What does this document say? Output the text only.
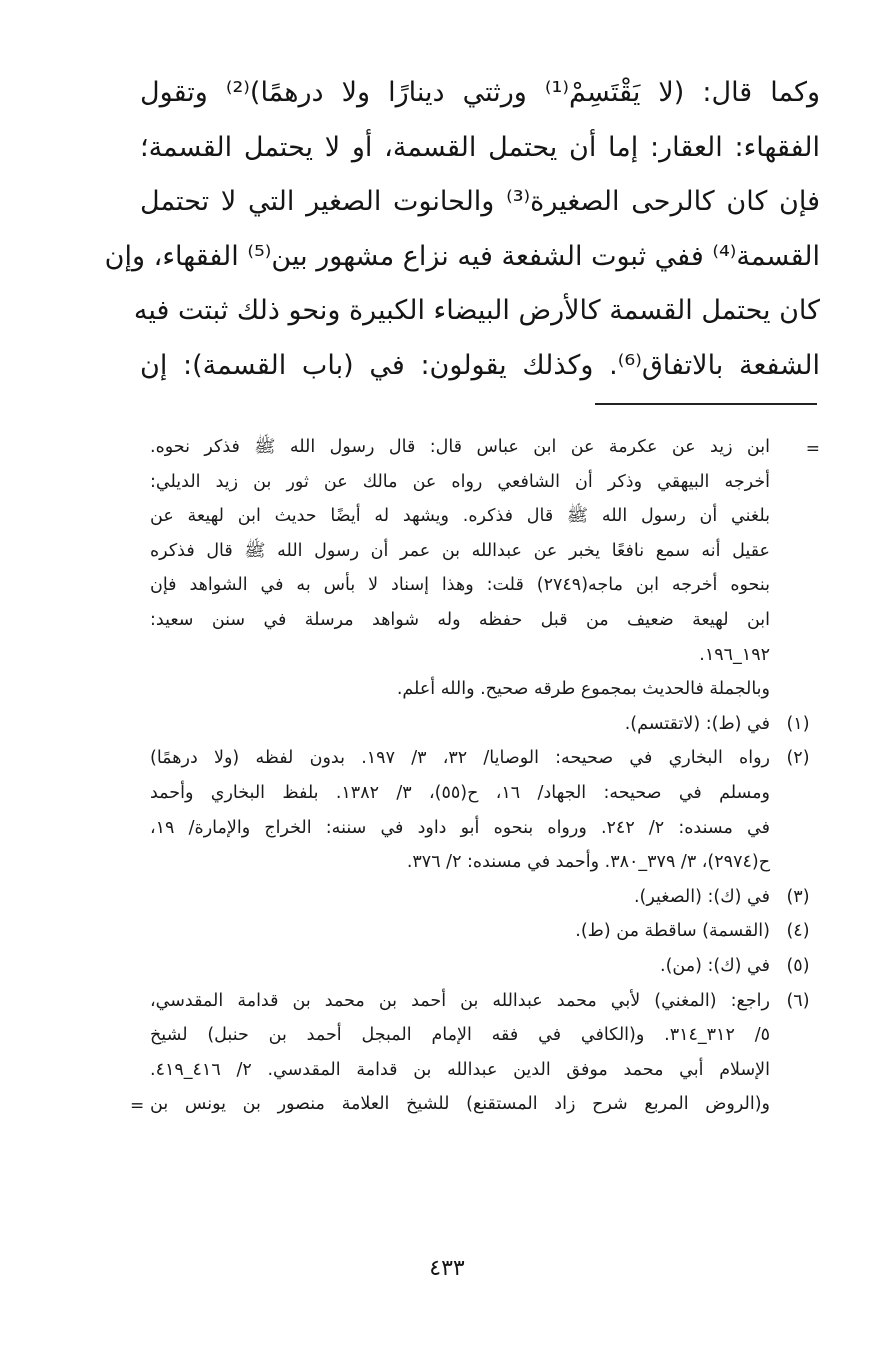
وكما قال: (لا يَقْتَسِمْ⁽¹⁾ ورثتي دينارًا ولا درهمًا)⁽²⁾ وتقول
الفقهاء: العقار: إما أن يحتمل القسمة، أو لا يحتمل القسمة؛
فإن كان كالرحى الصغيرة⁽³⁾ والحانوت الصغير التي لا تحتمل
القسمة⁽⁴⁾ ففي ثبوت الشفعة فيه نزاع مشهور بين⁽⁵⁾ الفقهاء، وإن
كان يحتمل القسمة كالأرض البيضاء الكبيرة ونحو ذلك ثبتت فيه
الشفعة بالاتفاق⁽⁶⁾. وكذلك يقولون: في (باب القسمة): إن
=
ابن زيد عن عكرمة عن ابن عباس قال: قال رسول الله ﷺ فذكر نحوه.
أخرجه البيهقي وذكر أن الشافعي رواه عن مالك عن ثور بن زيد الديلي:
بلغني أن رسول الله ﷺ قال فذكره. ويشهد له أيضًا حديث ابن لهيعة عن
عقيل أنه سمع نافعًا يخبر عن عبدالله بن عمر أن رسول الله ﷺ قال فذكره
بنحوه أخرجه ابن ماجه(٢٧٤٩) قلت: وهذا إسناد لا بأس به في الشواهد فإن
ابن لهيعة ضعيف من قبل حفظه وله شواهد مرسلة في سنن سعيد:
١٩٢_١٩٦.
وبالجملة فالحديث بمجموع طرقه صحيح. والله أعلم.
(١)
في (ط): (لاتقتسم).
(٢)
رواه البخاري في صحيحه: الوصايا/ ٣٢، ٣/ ١٩٧. بدون لفظه (ولا درهمًا)
ومسلم في صحيحه: الجهاد/ ١٦، ح(٥٥)، ٣/ ١٣٨٢. بلفظ البخاري وأحمد
في مسنده: ٢/ ٢٤٢. ورواه بنحوه أبو داود في سننه: الخراج والإمارة/ ١٩،
ح(٢٩٧٤)، ٣/ ٣٧٩_٣٨٠. وأحمد في مسنده: ٢/ ٣٧٦.
(٣)
في (ك): (الصغير).
(٤)
(القسمة) ساقطة من (ط).
(٥)
في (ك): (من).
(٦)
راجع: (المغني) لأبي محمد عبدالله بن أحمد بن محمد بن قدامة المقدسي،
٥/ ٣١٢_٣١٤. و(الكافي في فقه الإمام المبجل أحمد بن حنبل) لشيخ
الإسلام أبي محمد موفق الدين عبدالله بن قدامة المقدسي. ٢/ ٤١٦_٤١٩.
و(الروض المربع شرح زاد المستقنع) للشيخ العلامة منصور بن يونس بن
=
٤٣٣
